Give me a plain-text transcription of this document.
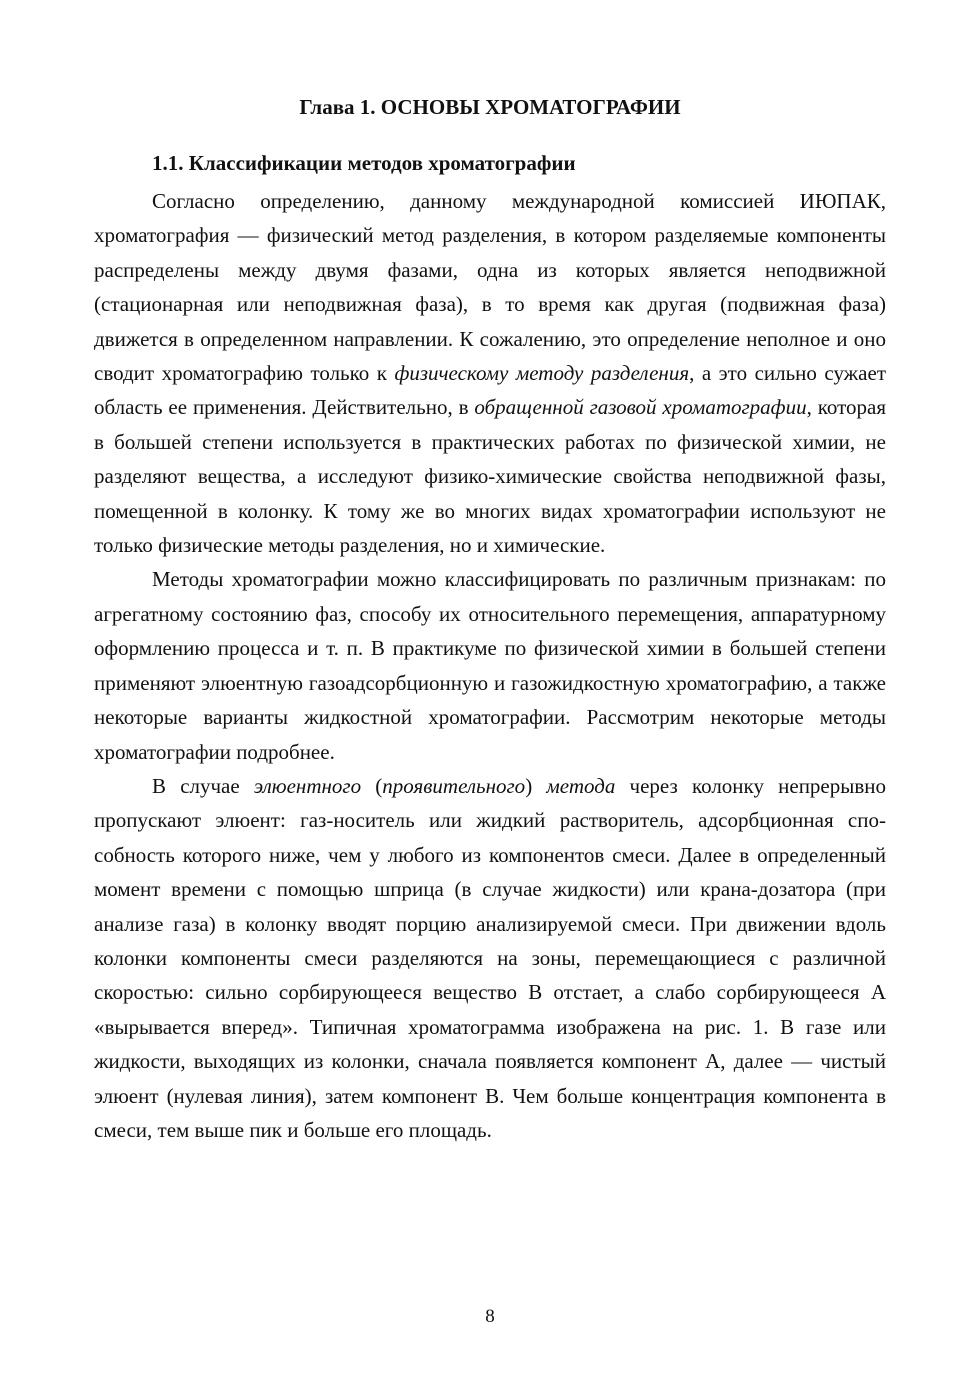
Глава 1. ОСНОВЫ ХРОМАТОГРАФИИ
1.1. Классификации методов хроматографии

Согласно определению, данному международной комиссией ИЮПАК, хроматография — физический метод разделения, в котором разделяемые компоненты распределены между двумя фазами, одна из которых является неподвижной (стационарная или неподвижная фаза), в то время как другая (подвижная фаза) движется в определенном направлении. К сожалению, это определение неполное и оно сводит хроматографию только к физическому методу разделения, а это сильно сужает область ее применения. Действительно, в обращенной газовой хроматографии, которая в большей степени используется в практических работах по физической химии, не разделяют вещества, а исследуют физико-химические свойства неподвижной фазы, помещенной в колонку. К тому же во многих видах хроматографии используют не только физические методы разделения, но и химические.

Методы хроматографии можно классифицировать по различным признакам: по агрегатному состоянию фаз, способу их относительного перемещения, аппаратурному оформлению процесса и т. п. В практикуме по физической химии в большей степени применяют элюентную газоадсорбционную и газожидкостную хроматографию, а также некоторые варианты жидкостной хроматографии. Рассмотрим некоторые методы хроматографии подробнее.

В случае элюентного (проявительного) метода через колонку непрерывно пропускают элюент: газ-носитель или жидкий растворитель, адсорбционная способность которого ниже, чем у любого из компонентов смеси. Далее в определенный момент времени с помощью шприца (в случае жидкости) или крана-дозатора (при анализе газа) в колонку вводят порцию анализируемой смеси. При движении вдоль колонки компоненты смеси разделяются на зоны, перемещающиеся с различной скоростью: сильно сорбирующееся вещество B отстает, а слабо сорбирующееся A «вырывается вперед». Типичная хроматограмма изображена на рис. 1. В газе или жидкости, выходящих из колонки, сначала появляется компонент A, далее — чистый элюент (нулевая линия), затем компонент B. Чем больше концентрация компонента в смеси, тем выше пик и больше его площадь.

8
